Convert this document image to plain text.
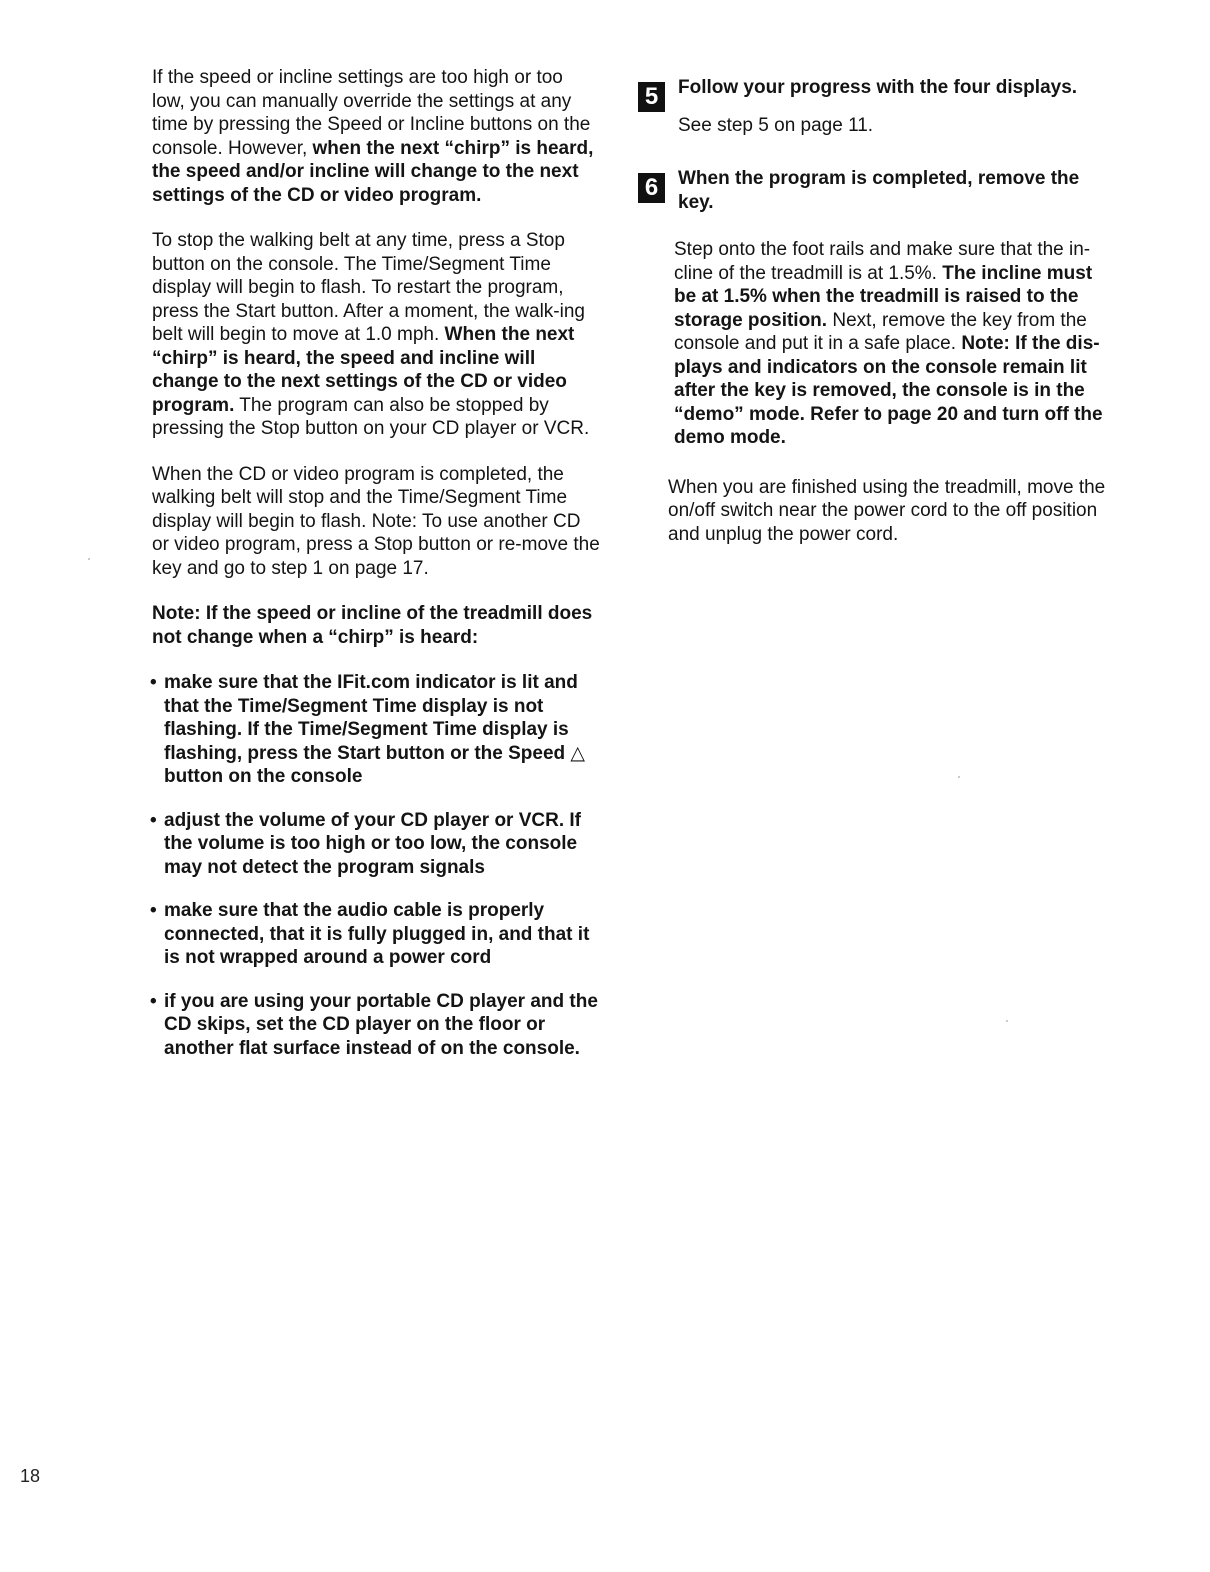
If the speed or incline settings are too high or too low, you can manually override the settings at any time by pressing the Speed or Incline buttons on the console. However, when the next “chirp” is heard, the speed and/or incline will change to the next settings of the CD or video program.

To stop the walking belt at any time, press a Stop button on the console. The Time/Segment Time display will begin to flash. To restart the program, press the Start button. After a moment, the walk-ing belt will begin to move at 1.0 mph. When the next “chirp” is heard, the speed and incline will change to the next settings of the CD or video program. The program can also be stopped by pressing the Stop button on your CD player or VCR.

When the CD or video program is completed, the walking belt will stop and the Time/Segment Time display will begin to flash. Note: To use another CD or video program, press a Stop button or re-move the key and go to step 1 on page 17.

Note: If the speed or incline of the treadmill does not change when a “chirp” is heard:

• make sure that the IFit.com indicator is lit and that the Time/Segment Time display is not flashing. If the Time/Segment Time display is flashing, press the Start button or the Speed △ button on the console
• adjust the volume of your CD player or VCR. If the volume is too high or too low, the console may not detect the program signals
• make sure that the audio cable is properly connected, that it is fully plugged in, and that it is not wrapped around a power cord
• if you are using your portable CD player and the CD skips, set the CD player on the floor or another flat surface instead of on the console.
5	Follow your progress with the four displays.

See step 5 on page 11.

6	When the program is completed, remove the key.

Step onto the foot rails and make sure that the in-cline of the treadmill is at 1.5%. The incline must be at 1.5% when the treadmill is raised to the storage position. Next, remove the key from the console and put it in a safe place. Note: If the dis-plays and indicators on the console remain lit after the key is removed, the console is in the “demo” mode. Refer to page 20 and turn off the demo mode.

When you are finished using the treadmill, move the on/off switch near the power cord to the off position and unplug the power cord.

18
